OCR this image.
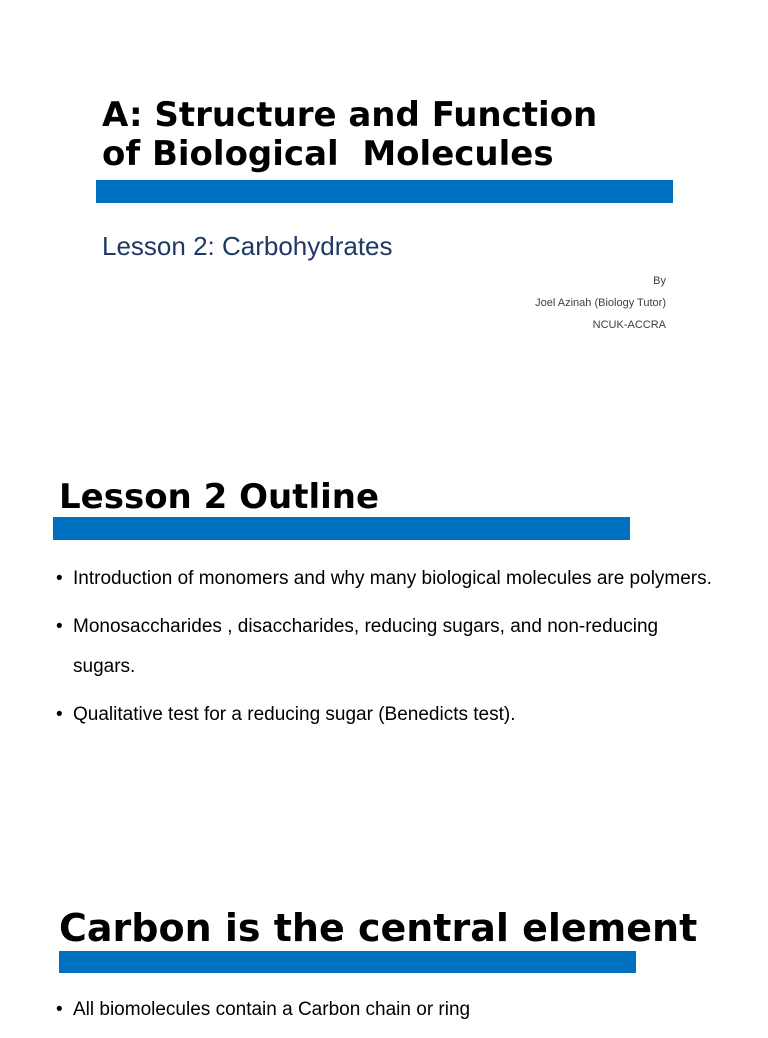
A: Structure and Function
of Biological  Molecules
Lesson 2: Carbohydrates
By
Joel Azinah (Biology Tutor)
NCUK-ACCRA
Lesson 2 Outline
• Introduction of monomers and why many biological molecules are polymers.
• Monosaccharides , disaccharides, reducing sugars, and non-reducing sugars.
• Qualitative test for a reducing sugar (Benedicts test).
Carbon is the central element
• All biomolecules contain a Carbon chain or ring
